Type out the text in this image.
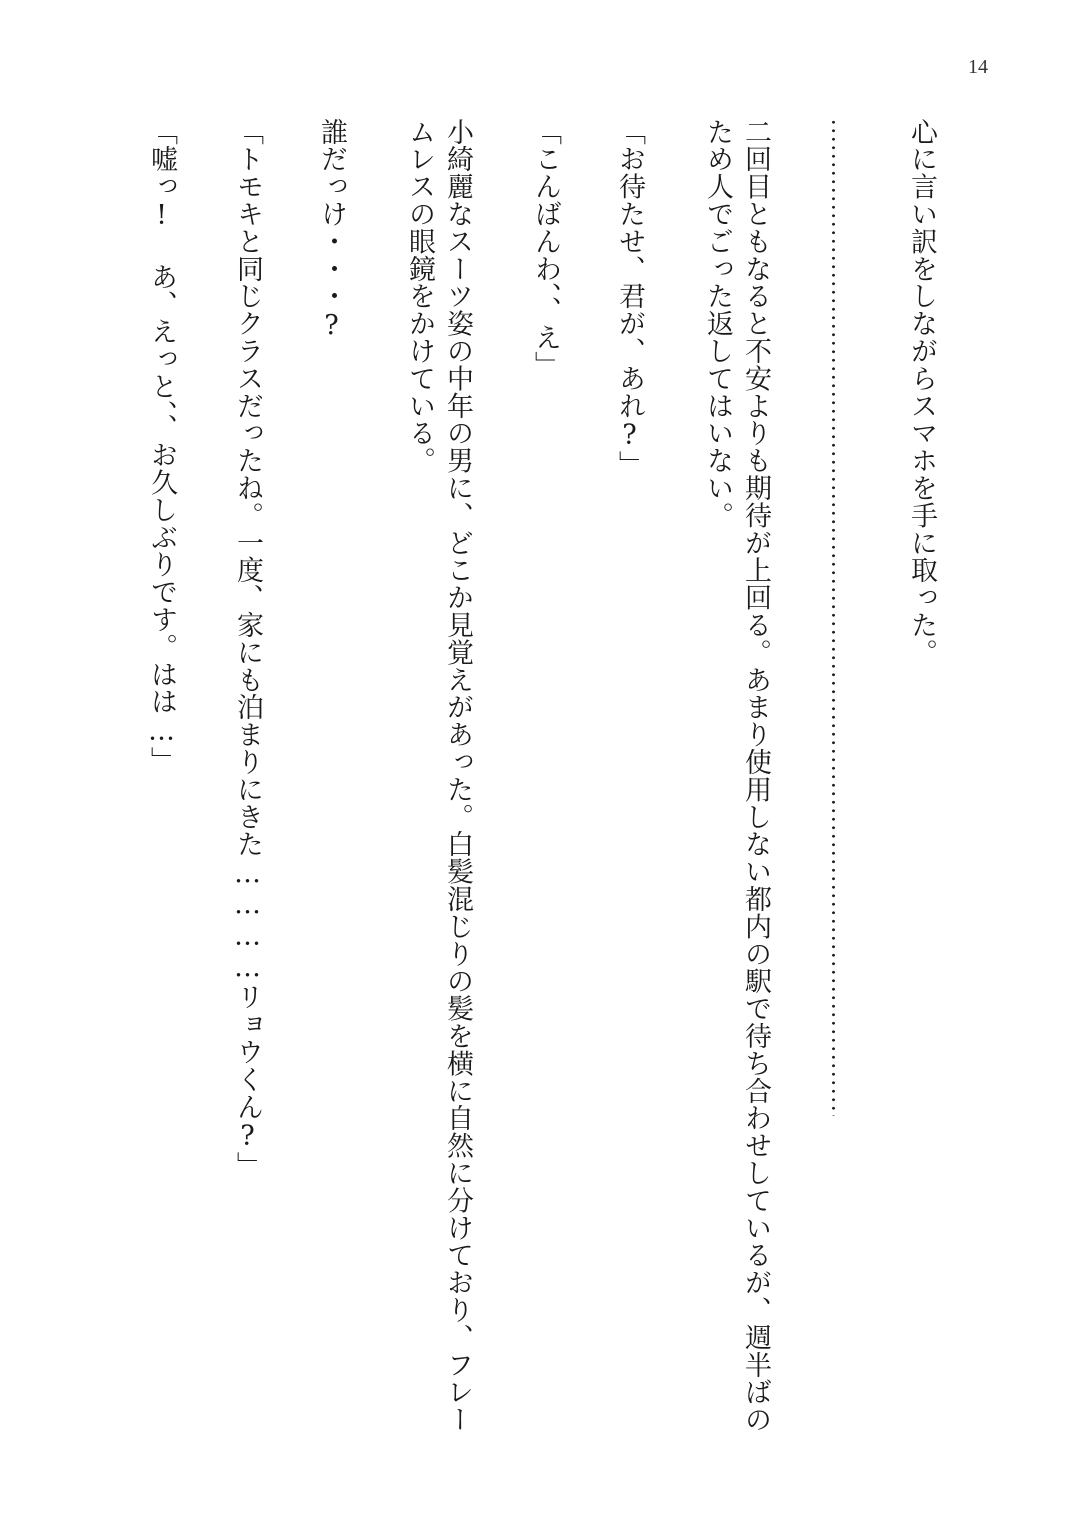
14

心に言い訳をしながらスマホを手に取った。

二回目ともなると不安よりも期待が上回る。あまり使用しない都内の駅で待ち合わせしているが、週半ばのため人でごった返してはいない。

「お待たせ、君が、あれ?」

「こんばんわ、、え」

小綺麗なスーツ姿の中年の男に、どこか見覚えがあった。白髪混じりの髪を横に自然に分けており、フレームレスの眼鏡をかけている。

誰だっけ・・・?

「トモキと同じクラスだったね。一度、家にも泊まりにきた…………リョウくん?」

「嘘っ! あ、えっと、、お久しぶりです。はは…」
